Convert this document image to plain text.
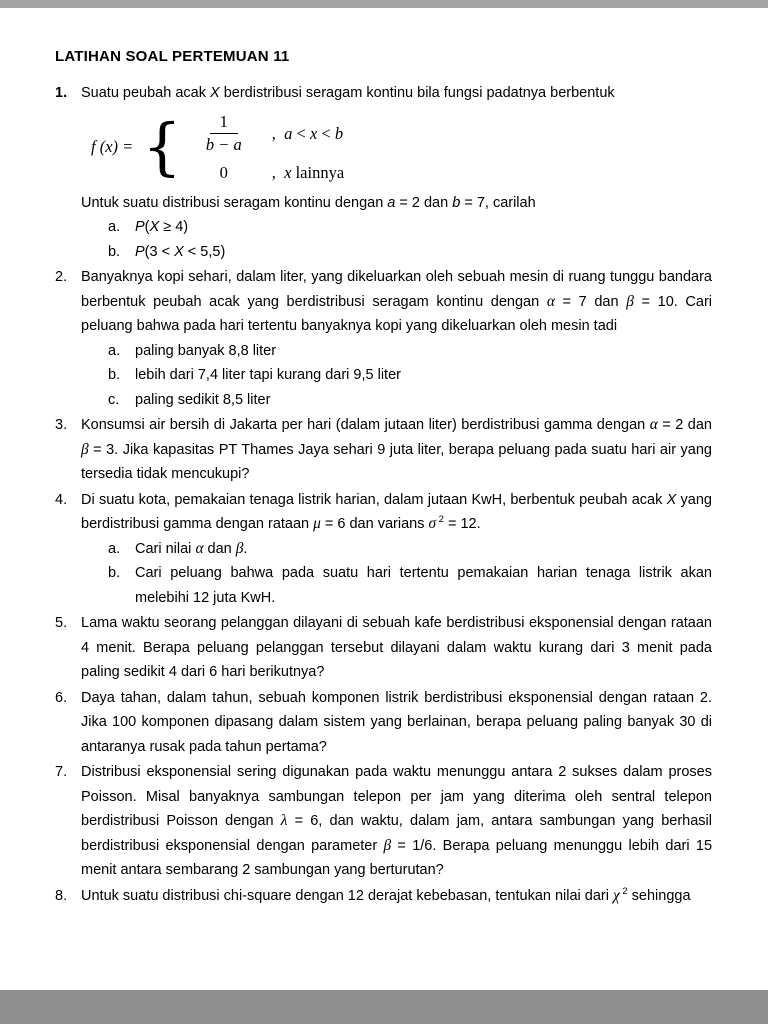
LATIHAN SOAL PERTEMUAN 11
1. Suatu peubah acak X berdistribusi seragam kontinu bila fungsi padatnya berbentuk

f (x) = { $\frac{1}{b - a}$ ,  a < x < b
0	,  x lainnya

Untuk suatu distribusi seragam kontinu dengan a = 2 dan b = 7, carilah

a.	P(X ≥ 4)
b.	P(3 < X < 5,5)
2. Banyaknya kopi sehari, dalam liter, yang dikeluarkan oleh sebuah mesin di ruang tunggu bandara berbentuk peubah acak yang berdistribusi seragam kontinu dengan α = 7 dan β = 10. Cari peluang bahwa pada hari tertentu banyaknya kopi yang dikeluarkan oleh mesin tadi

a.	paling banyak 8,8 liter
b.	lebih dari 7,4 liter tapi kurang dari 9,5 liter
c.	paling sedikit 8,5 liter
3. Konsumsi air bersih di Jakarta per hari (dalam jutaan liter) berdistribusi gamma dengan α = 2 dan β = 3. Jika kapasitas PT Thames Jaya sehari 9 juta liter, berapa peluang pada suatu hari air yang tersedia tidak mencukupi?

4. Di suatu kota, pemakaian tenaga listrik harian, dalam jutaan KwH, berbentuk peubah acak X yang berdistribusi gamma dengan rataan μ = 6 dan varians σ $^2$ = 12.

a.	Cari nilai α dan β.
b.	Cari peluang bahwa pada suatu hari tertentu pemakaian harian tenaga listrik akan melebihi 12 juta KwH.
5. Lama waktu seorang pelanggan dilayani di sebuah kafe berdistribusi eksponensial dengan rataan 4 menit. Berapa peluang pelanggan tersebut dilayani dalam waktu kurang dari 3 menit pada paling sedikit 4 dari 6 hari berikutnya?

6. Daya tahan, dalam tahun, sebuah komponen listrik berdistribusi eksponensial dengan rataan 2. Jika 100 komponen dipasang dalam sistem yang berlainan, berapa peluang paling banyak 30 di antaranya rusak pada tahun pertama?

7. Distribusi eksponensial sering digunakan pada waktu menunggu antara 2 sukses dalam proses Poisson. Misal banyaknya sambungan telepon per jam yang diterima oleh sentral telepon berdistribusi Poisson dengan λ = 6, dan waktu, dalam jam, antara sambungan yang berhasil berdistribusi eksponensial dengan parameter β = 1/6. Berapa peluang menunggu lebih dari 15 menit antara sembarang 2 sambungan yang berturutan?

8. Untuk suatu distribusi chi-square dengan 12 derajat kebebasan, tentukan nilai dari χ $^2$ sehingga
